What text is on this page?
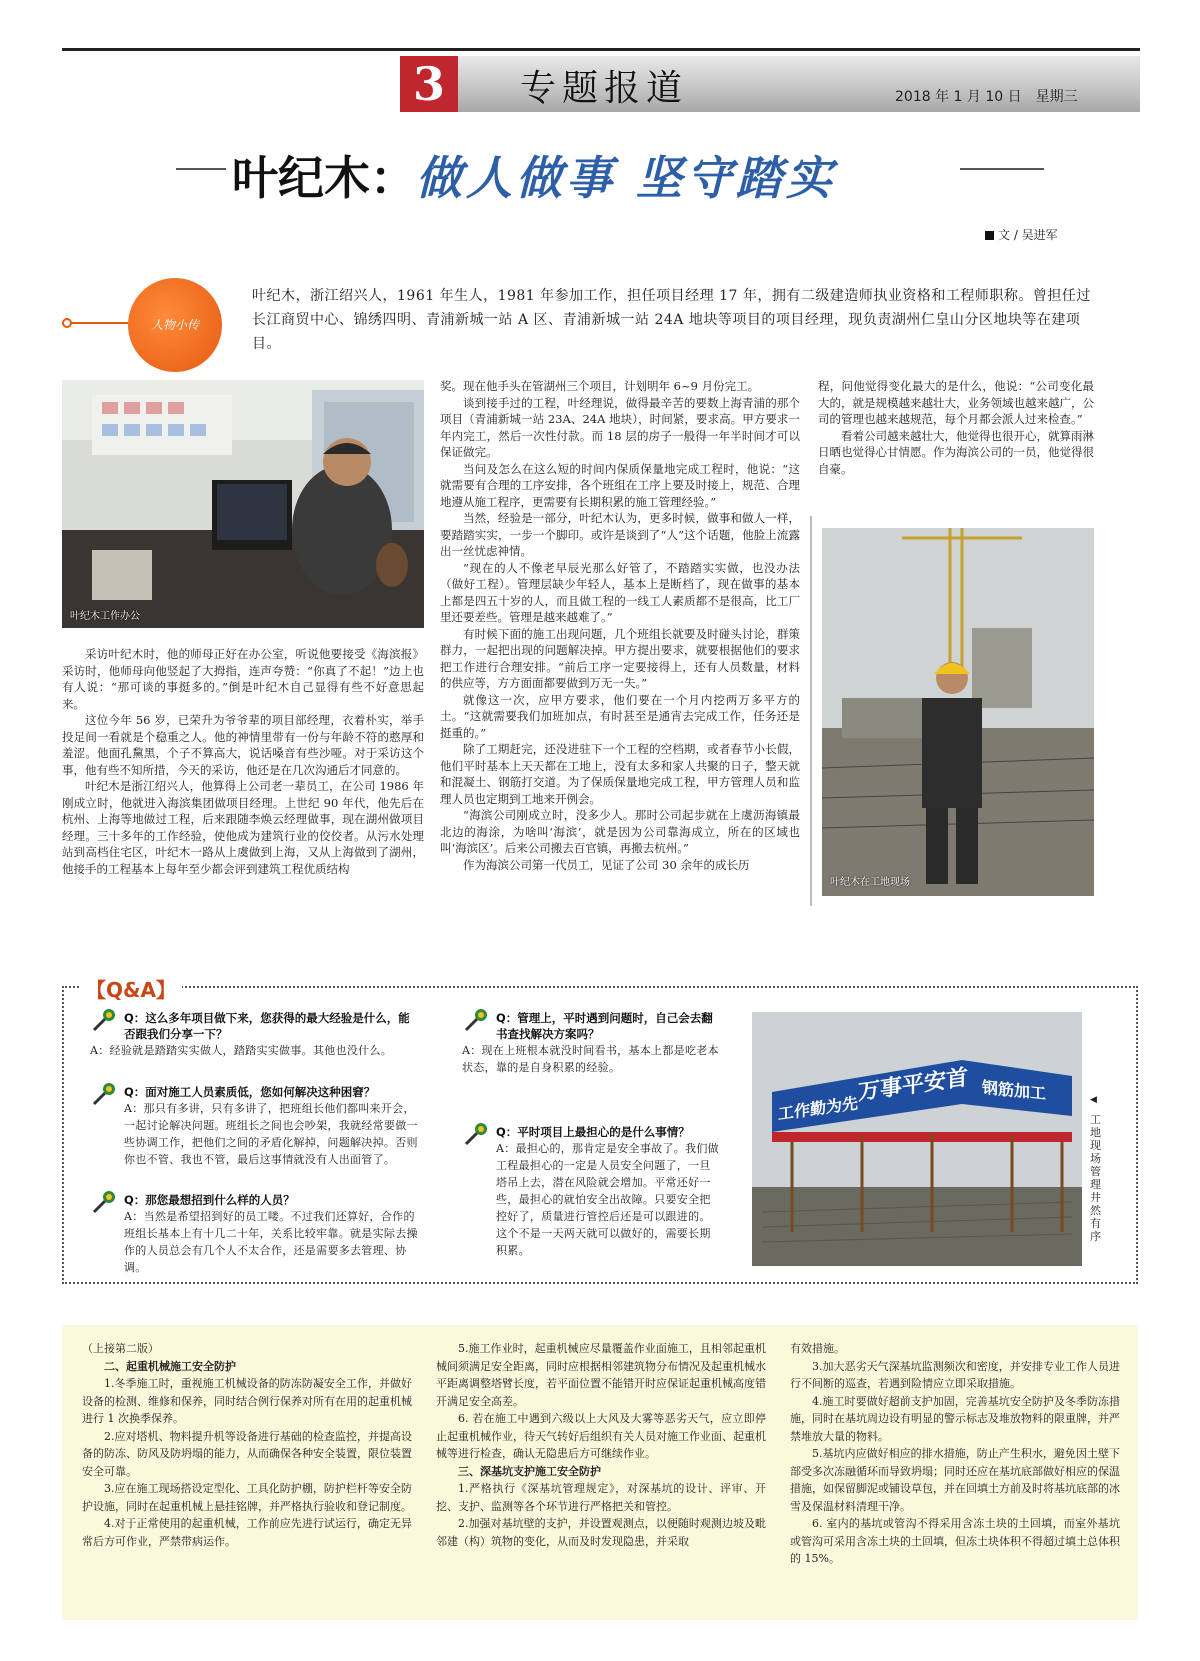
3	专题报道	2018 年 1 月 10 日　星期三
叶纪木：做人做事 坚守踏实
文 / 吴进军
人物小传
叶纪木，浙江绍兴人，1961 年生人，1981 年参加工作，担任项目经理 17 年，拥有二级建造师执业资格和工程师职称。曾担任过长江商贸中心、锦绣四明、青浦新城一站 A 区、青浦新城一站 24A 地块等项目的项目经理，现负责湖州仁皇山分区地块等在建项目。
叶纪木工作办公

采访叶纪木时，他的师母正好在办公室，听说他要接受《海滨报》采访时，他师母向他竖起了大拇指，连声夸赞：“你真了不起！”边上也有人说：“那可谈的事挺多的。”倒是叶纪木自己显得有些不好意思起来。

这位今年 56 岁，已荣升为爷爷辈的项目部经理，衣着朴实，举手投足间一看就是个稳重之人。他的神情里带有一份与年龄不符的憨厚和羞涩。他面孔黧黑，个子不算高大，说话嗓音有些沙哑。对于采访这个事，他有些不知所措，今天的采访，他还是在几次沟通后才同意的。

叶纪木是浙江绍兴人，他算得上公司老一辈员工，在公司 1986 年刚成立时，他就进入海滨集团做项目经理。上世纪 90 年代，他先后在杭州、上海等地做过工程，后来跟随李焕云经理做事，现在湖州做项目经理。三十多年的工作经验，使他成为建筑行业的佼佼者。从污水处理站到高档住宅区，叶纪木一路从上虞做到上海，又从上海做到了湖州，他接手的工程基本上每年至少都会评到建筑工程优质结构

奖。现在他手头在管湖州三个项目，计划明年 6~9 月份完工。

谈到接手过的工程，叶经理说，做得最辛苦的要数上海青浦的那个项目（青浦新城一站 23A、24A 地块），时间紧，要求高。甲方要求一年内完工，然后一次性付款。而 18 层的房子一般得一年半时间才可以保证做完。

当问及怎么在这么短的时间内保质保量地完成工程时，他说：“这就需要有合理的工序安排，各个班组在工序上要及时接上，规范、合理地遵从施工程序，更需要有长期积累的施工管理经验。”

当然，经验是一部分，叶纪木认为，更多时候，做事和做人一样，要踏踏实实，一步一个脚印。或许是谈到了“人”这个话题，他脸上流露出一丝忧虑神情。

“现在的人不像老早辰光那么好管了，不踏踏实实做，也没办法（做好工程）。管理层缺少年轻人，基本上是断档了，现在做事的基本上都是四五十岁的人，而且做工程的一线工人素质都不是很高，比工厂里还要差些。管理是越来越难了。”

有时候下面的施工出现问题，几个班组长就要及时碰头讨论，群策群力，一起把出现的问题解决掉。甲方提出要求，就要根据他们的要求把工作进行合理安排。“前后工序一定要接得上，还有人员数量，材料的供应等，方方面面都要做到万无一失。”

就像这一次，应甲方要求，他们要在一个月内挖两万多平方的土。“这就需要我们加班加点，有时甚至是通宵去完成工作，任务还是挺重的。”

除了工期赶完，还没进驻下一个工程的空档期，或者春节小长假，他们平时基本上天天都在工地上，没有太多和家人共聚的日子，整天就和混凝土、钢筋打交道。为了保质保量地完成工程，甲方管理人员和监理人员也定期到工地来开例会。

“海滨公司刚成立时，没多少人。那时公司起步就在上虞沥海镇最北边的海涂，为啥叫‘海滨’，就是因为公司靠海成立，所在的区域也叫‘海滨区’。后来公司搬去百官镇，再搬去杭州。”

作为海滨公司第一代员工，见证了公司 30 余年的成长历

程，问他觉得变化最大的是什么，他说：“公司变化最大的，就是规模越来越壮大，业务领域也越来越广，公司的管理也越来越规范，每个月都会派人过来检查。”

看着公司越来越壮大，他觉得也很开心，就算雨淋日晒也觉得心甘情愿。作为海滨公司的一员，他觉得很自豪。

叶纪木在工地现场
【Q&A】
Q：这么多年项目做下来，您获得的最大经验是什么，能否跟我们分享一下？
A：经验就是踏踏实实做人，踏踏实实做事。其他也没什么。
Q：面对施工人员素质低，您如何解决这种困窘？
A：那只有多讲，只有多讲了，把班组长他们都叫来开会，一起讨论解决问题。班组长之间也会吵架，我就经常要做一些协调工作，把他们之间的矛盾化解掉，问题解决掉。否则你也不管、我也不管，最后这事情就没有人出面管了。
Q：那您最想招到什么样的人员？
A：当然是希望招到好的员工喽。不过我们还算好，合作的班组长基本上有十几二十年，关系比较牢靠。就是实际去操作的人员总会有几个人不太合作，还是需要多去管理、协调。
Q：管理上，平时遇到问题时，自己会去翻书查找解决方案吗？
A：现在上班根本就没时间看书，基本上都是吃老本状态，靠的是自身积累的经验。
Q：平时项目上最担心的是什么事情？
A：最担心的，那肯定是安全事故了。我们做工程最担心的一定是人员安全问题了，一旦塔吊上去，潜在风险就会增加。平常还好一些，最担心的就怕安全出故障。只要安全把控好了，质量进行管控后还是可以跟进的。这个不是一天两天就可以做好的，需要长期积累。
工作勤为先
万事平安首 钢筋加工	◀
工地现场管理井然有序
（上接第二版）
二、起重机械施工安全防护

1.冬季施工时，重视施工机械设备的防冻防凝安全工作，并做好设备的检测、维修和保养，同时结合例行保养对所有在用的起重机械进行 1 次换季保养。

2.应对塔机、物料提升机等设备进行基础的检查监控，并提高设备的防冻、防风及防坍塌的能力，从而确保各种安全装置，限位装置安全可靠。

3.应在施工现场搭设定型化、工具化防护棚，防护栏杆等安全防护设施，同时在起重机械上悬挂铭牌，并严格执行验收和登记制度。

4.对于正常使用的起重机械，工作前应先进行试运行，确定无异常后方可作业，严禁带病运作。

5.施工作业时，起重机械应尽量覆盖作业面施工，且相邻起重机械间须满足安全距离，同时应根据相邻建筑物分布情况及起重机械水平距离调整塔臂长度，若平面位置不能错开时应保证起重机械高度错开满足安全高差。

6. 若在施工中遇到六级以上大风及大雾等恶劣天气，应立即停止起重机械作业，待天气转好后组织有关人员对施工作业面、起重机械等进行检查，确认无隐患后方可继续作业。

三、深基坑支护施工安全防护

1.严格执行《深基坑管理规定》，对深基坑的设计、评审、开挖、支护、监测等各个环节进行严格把关和管控。

2.加强对基坑壁的支护，并设置观测点，以便随时观测边坡及毗邻建（构）筑物的变化，从而及时发现隐患，并采取

有效措施。

3.加大恶劣天气深基坑监测频次和密度，并安排专业工作人员进行不间断的巡查，若遇到险情应立即采取措施。

4.施工时要做好超前支护加固，完善基坑安全防护及冬季防冻措施，同时在基坑周边设有明显的警示标志及堆放物料的限重牌，并严禁堆放大量的物料。

5.基坑内应做好相应的排水措施，防止产生积水，避免因土壁下部受多次冻融循环而导致坍塌；同时还应在基坑底部做好相应的保温措施，如保留脚泥或铺设草包，并在回填土方前及时将基坑底部的冰雪及保温材料清理干净。

6. 室内的基坑或管沟不得采用含冻土块的土回填，而室外基坑或管沟可采用含冻土块的土回填，但冻土块体积不得超过填土总体积的 15%。
